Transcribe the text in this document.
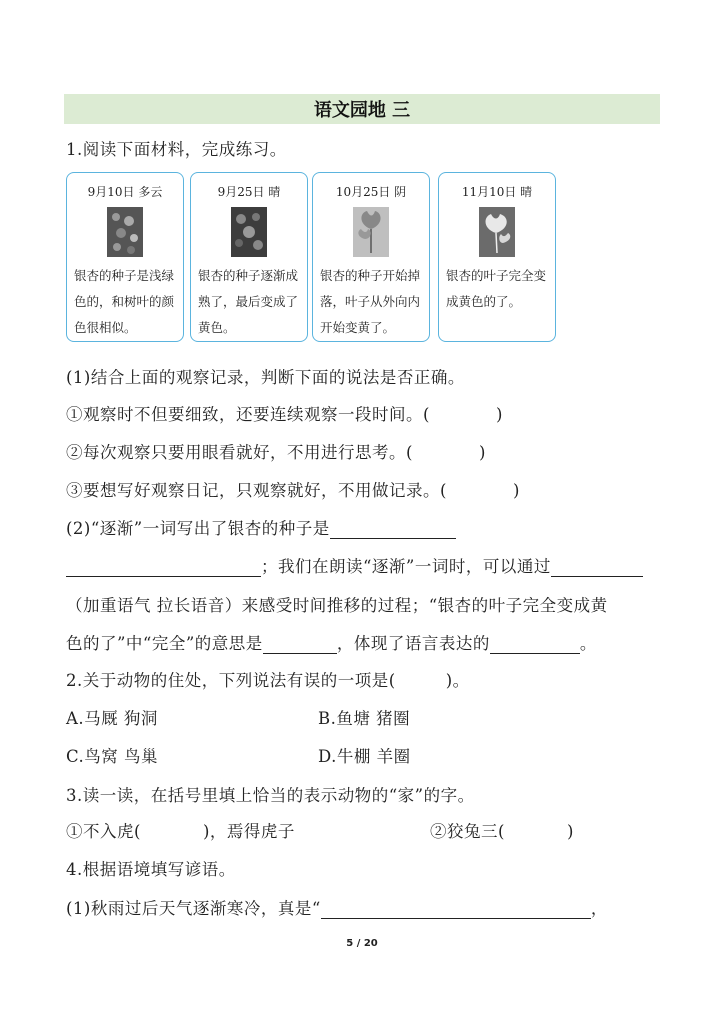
语文园地 三
1.阅读下面材料，完成练习。
9月10日 多云
银杏的种子是浅绿色的，和树叶的颜色很相似。
9月25日 晴
银杏的种子逐渐成熟了，最后变成了黄色。
10月25日 阴
银杏的种子开始掉落，叶子从外向内开始变黄了。
11月10日 晴
银杏的叶子完全变成黄色的了。
(1)结合上面的观察记录，判断下面的说法是否正确。
①观察时不但要细致，还要连续观察一段时间。(	)
②每次观察只要用眼看就好，不用进行思考。(	)
③要想写好观察日记，只观察就好，不用做记录。(	)
(2)“逐渐”一词写出了银杏的种子是
；我们在朗读“逐渐”一词时，可以通过
（加重语气 拉长语音）来感受时间推移的过程；“银杏的叶子完全变成黄
色的了”中“完全”的意思是	，体现了语言表达的	。
2.关于动物的住处，下列说法有误的一项是(	)。
A.马厩 狗洞	B.鱼塘 猪圈
C.鸟窝 鸟巢	D.牛棚 羊圈
3.读一读，在括号里填上恰当的表示动物的“家”的字。
①不入虎(	)，焉得虎子	②狡兔三(	)
4.根据语境填写谚语。
(1)秋雨过后天气逐渐寒冷，真是“	，
5 / 20
